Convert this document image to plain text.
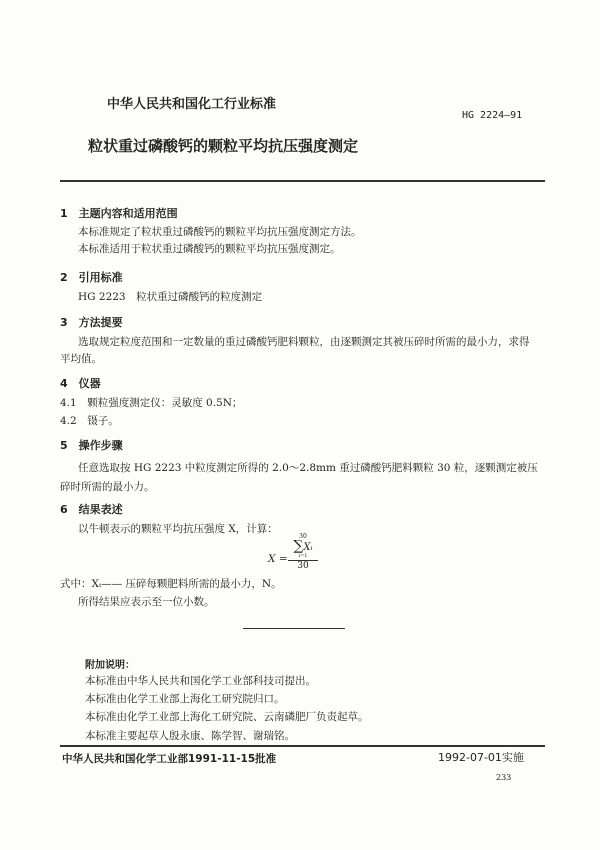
中华人民共和国化工行业标准
HG 2224—91
粒状重过磷酸钙的颗粒平均抗压强度测定
1　 主题内容和适用范围
本标准规定了粒状重过磷酸钙的颗粒平均抗压强度测定方法。
本标准适用于粒状重过磷酸钙的颗粒平均抗压强度测定。
2　 引用标准
HG 2223　粒状重过磷酸钙的粒度测定
3　 方法提要
选取规定粒度范围和一定数量的重过磷酸钙肥料颗粒，由逐颗测定其被压碎时所需的最小力，求得
平均值。
4　 仪器
4.1　颗粒强度测定仪：灵敏度 0.5N；
4.2　镊子。
5　 操作步骤
任意选取按 HG 2223 中粒度测定所得的 2.0～2.8mm 重过磷酸钙肥料颗粒 30 粒，逐颗测定被压
碎时所需的最小力。
6　 结果表述
以牛顿表示的颗粒平均抗压强度 X，计算：
X =
30
∑Xᵢ
i=1
30
式中：Xᵢ—— 压碎每颗肥料所需的最小力，N。
所得结果应表示至一位小数。
附加说明：
本标准由中华人民共和国化学工业部科技司提出。
本标准由化学工业部上海化工研究院归口。
本标准由化学工业部上海化工研究院、云南磷肥厂负责起草。
本标准主要起草人殷永康、陈学智、谢瑞铭。
中华人民共和国化学工业部1991-11-15批准	1992-07-01实施
233
